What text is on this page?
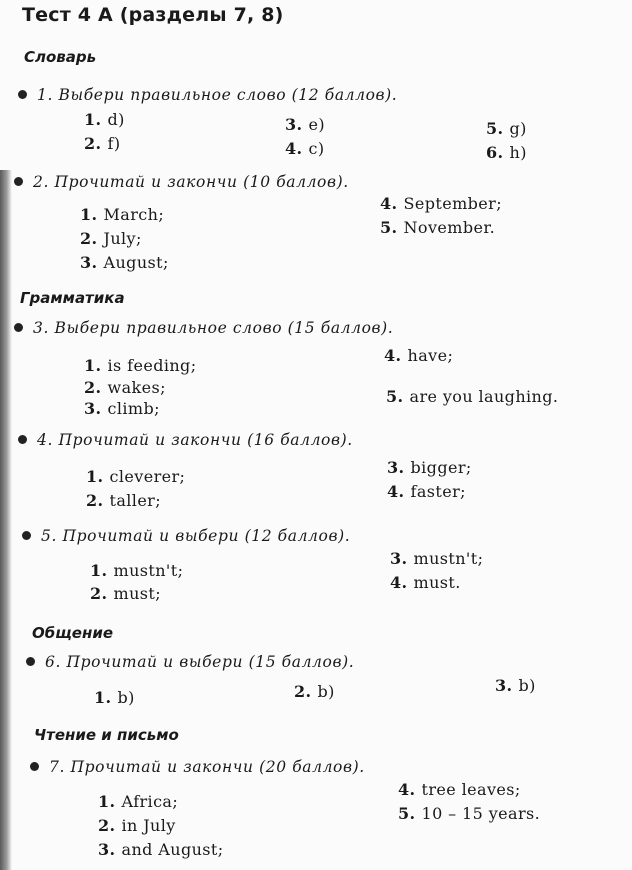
Тест 4 А (разделы 7, 8)
Словарь
1. Выбери правильное слово (12 баллов).
1. d)
2. f)
3. e)
4. c)
5. g)
6. h)
2. Прочитай и закончи (10 баллов).
1. March;
2. July;
3. August;
4. September;
5. November.
Грамматика
3. Выбери правильное слово (15 баллов).
1. is feeding;
2. wakes;
3. climb;
4. have;
5. are you laughing.
4. Прочитай и закончи (16 баллов).
1. cleverer;
2. taller;
3. bigger;
4. faster;
5. Прочитай и выбери (12 баллов).
1. mustn't;
2. must;
3. mustn't;
4. must.
Общение
6. Прочитай и выбери (15 баллов).
1. b)	2. b)	3. b)
Чтение и письмо
7. Прочитай и закончи (20 баллов).
1. Africa;
2. in July
3. and August;
4. tree leaves;
5. 10 – 15 years.
